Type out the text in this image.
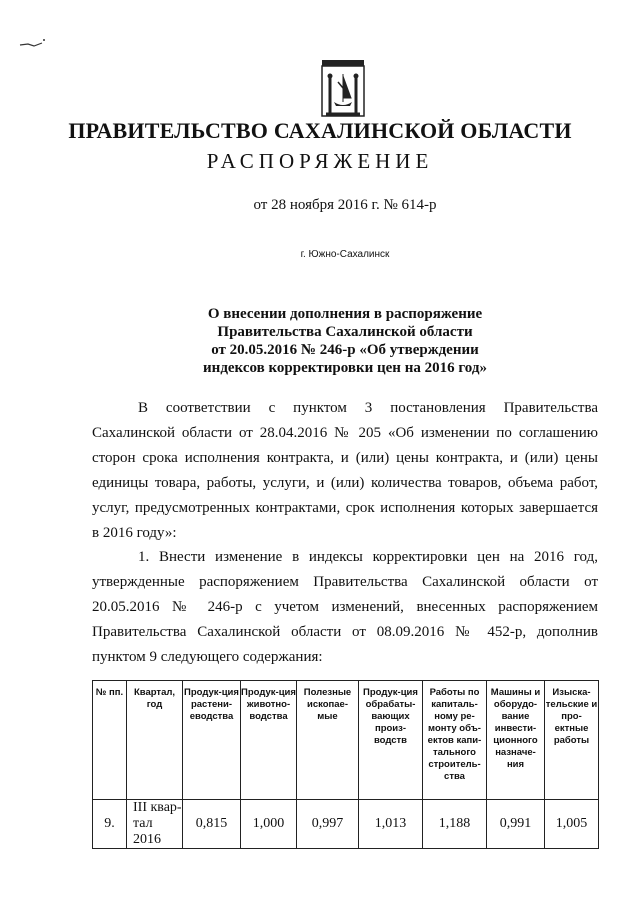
ПРАВИТЕЛЬСТВО САХАЛИНСКОЙ ОБЛАСТИ
РАСПОРЯЖЕНИЕ
от 28 ноября 2016 г. № 614-р
г. Южно-Сахалинск
О внесении дополнения в распоряжение
Правительства Сахалинской области
от 20.05.2016 № 246-р «Об утверждении
индексов корректировки цен на 2016 год»
В соответствии с пунктом 3 постановления Правительства Сахалинской области от 28.04.2016 № 205 «Об изменении по соглашению сторон срока исполнения контракта, и (или) цены контракта, и (или) цены единицы товара, работы, услуги, и (или) количества товаров, объема работ, услуг, предусмотренных контрактами, срок исполнения которых завершается в 2016 году»:
1. Внести изменение в индексы корректировки цен на 2016 год, утвержденные распоряжением Правительства Сахалинской области от 20.05.2016 № 246-р с учетом изменений, внесенных распоряжением Правительства Сахалинской области от 08.09.2016 № 452-р, дополнив пунктом 9 следующего содержания:
№ пп.	Квартал, год	Продук-ция растени-еводства	Продук-ция животно-водства	Полезные ископае-мые	Продук-ция обрабаты-вающих произ-водств	Работы по капиталь-ному ре-монту объ-ектов капи-тального строитель-ства	Машины и оборудо-вание инвести-ционного назначе-ния	Изыска-тельские и про-ектные работы
9.	III квар-тал 2016	0,815	1,000	0,997	1,013	1,188	0,991	1,005
